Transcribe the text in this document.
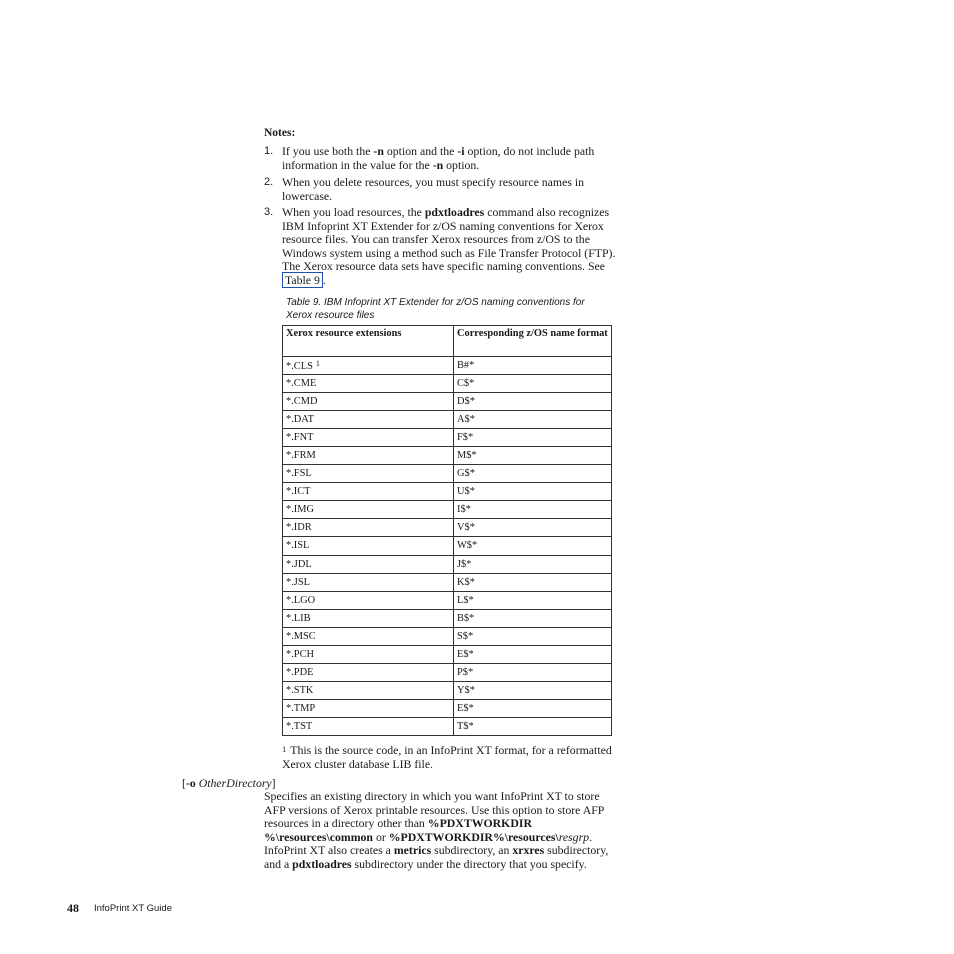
Notes:
1. If you use both the -n option and the -i option, do not include path information in the value for the -n option.
2. When you delete resources, you must specify resource names in lowercase.
3. When you load resources, the pdxtloadres command also recognizes IBM Infoprint XT Extender for z/OS naming conventions for Xerox resource files. You can transfer Xerox resources from z/OS to the Windows system using a method such as File Transfer Protocol (FTP). The Xerox resource data sets have specific naming conventions. See Table 9 .
Table 9. IBM Infoprint XT Extender for z/OS naming conventions for Xerox resource files
Xerox resource extensions	Corresponding z/OS name format
*.CLS $^1$	B#*
*.CME	C$*
*.CMD	D$*
*.DAT	A$*
*.FNT	F$*
*.FRM	M$*
*.FSL	G$*
*.ICT	U$*
*.IMG	I$*
*.IDR	V$*
*.ISL	W$*
*.JDL	J$*
*.JSL	K$*
*.LGO	L$*
*.LIB	B$*
*.MSC	S$*
*.PCH	E$*
*.PDE	P$*
*.STK	Y$*
*.TMP	E$*
*.TST	T$*
$^1$ This is the source code, in an InfoPrint XT format, for a reformatted Xerox cluster database LIB file.
[-o OtherDirectory]
Specifies an existing directory in which you want InfoPrint XT to store AFP versions of Xerox printable resources. Use this option to store AFP resources in a directory other than %PDXTWORKDIR %\resources\common or %PDXTWORKDIR%\resources\resgrp. InfoPrint XT also creates a metrics subdirectory, an xrxres subdirectory, and a pdxtloadres subdirectory under the directory that you specify.
48 InfoPrint XT Guide
